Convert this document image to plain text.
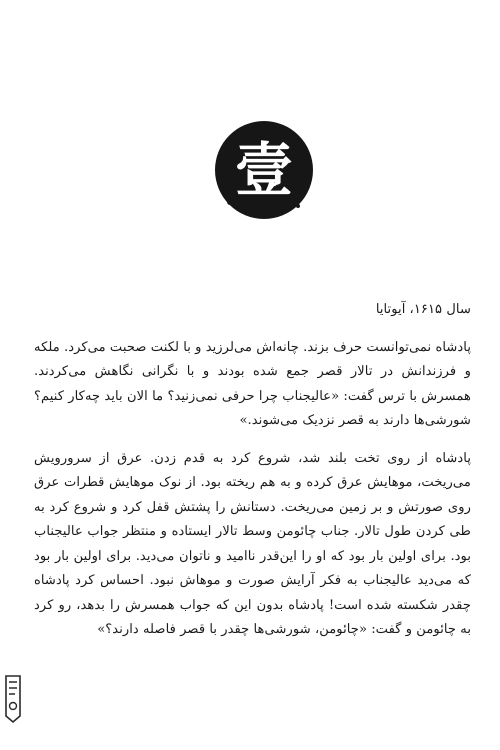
壹
سال ۱۶۱۵، آیوتایا

پادشاه نمی‌توانست حرف بزند. چانه‌اش می‌لرزید و با لکنت صحبت می‌کرد. ملکه و فرزندانش در تالار قصر جمع شده بودند و با نگرانی نگاهش می‌کردند. همسرش با ترس گفت: «عالیجناب چرا حرفی نمی‌زنید؟ ما الان باید چه‌کار کنیم؟ شورشی‌ها دارند به قصر نزدیک می‌شوند.»

پادشاه از روی تخت بلند شد، شروع کرد به قدم زدن. عرق از سرورویش می‌ریخت، موهایش عرق کرده و به هم ریخته بود. از نوک موهایش قطرات عرق روی صورتش و بر زمین می‌ریخت. دستانش را پشتش قفل کرد و شروع کرد به طی کردن طول تالار. جناب چائومن وسط تالار ایستاده و منتظر جواب عالیجناب بود. برای اولین بار بود که او را این‌قدر ناامید و ناتوان می‌دید. برای اولین بار بود که می‌دید عالیجناب به فکر آرایش صورت و موهاش نبود. احساس کرد پادشاه چقدر شکسته شده است! پادشاه بدون این که جواب همسرش را بدهد، رو کرد به چائومن و گفت: «چائومن، شورشی‌ها چقدر با قصر فاصله دارند؟»
